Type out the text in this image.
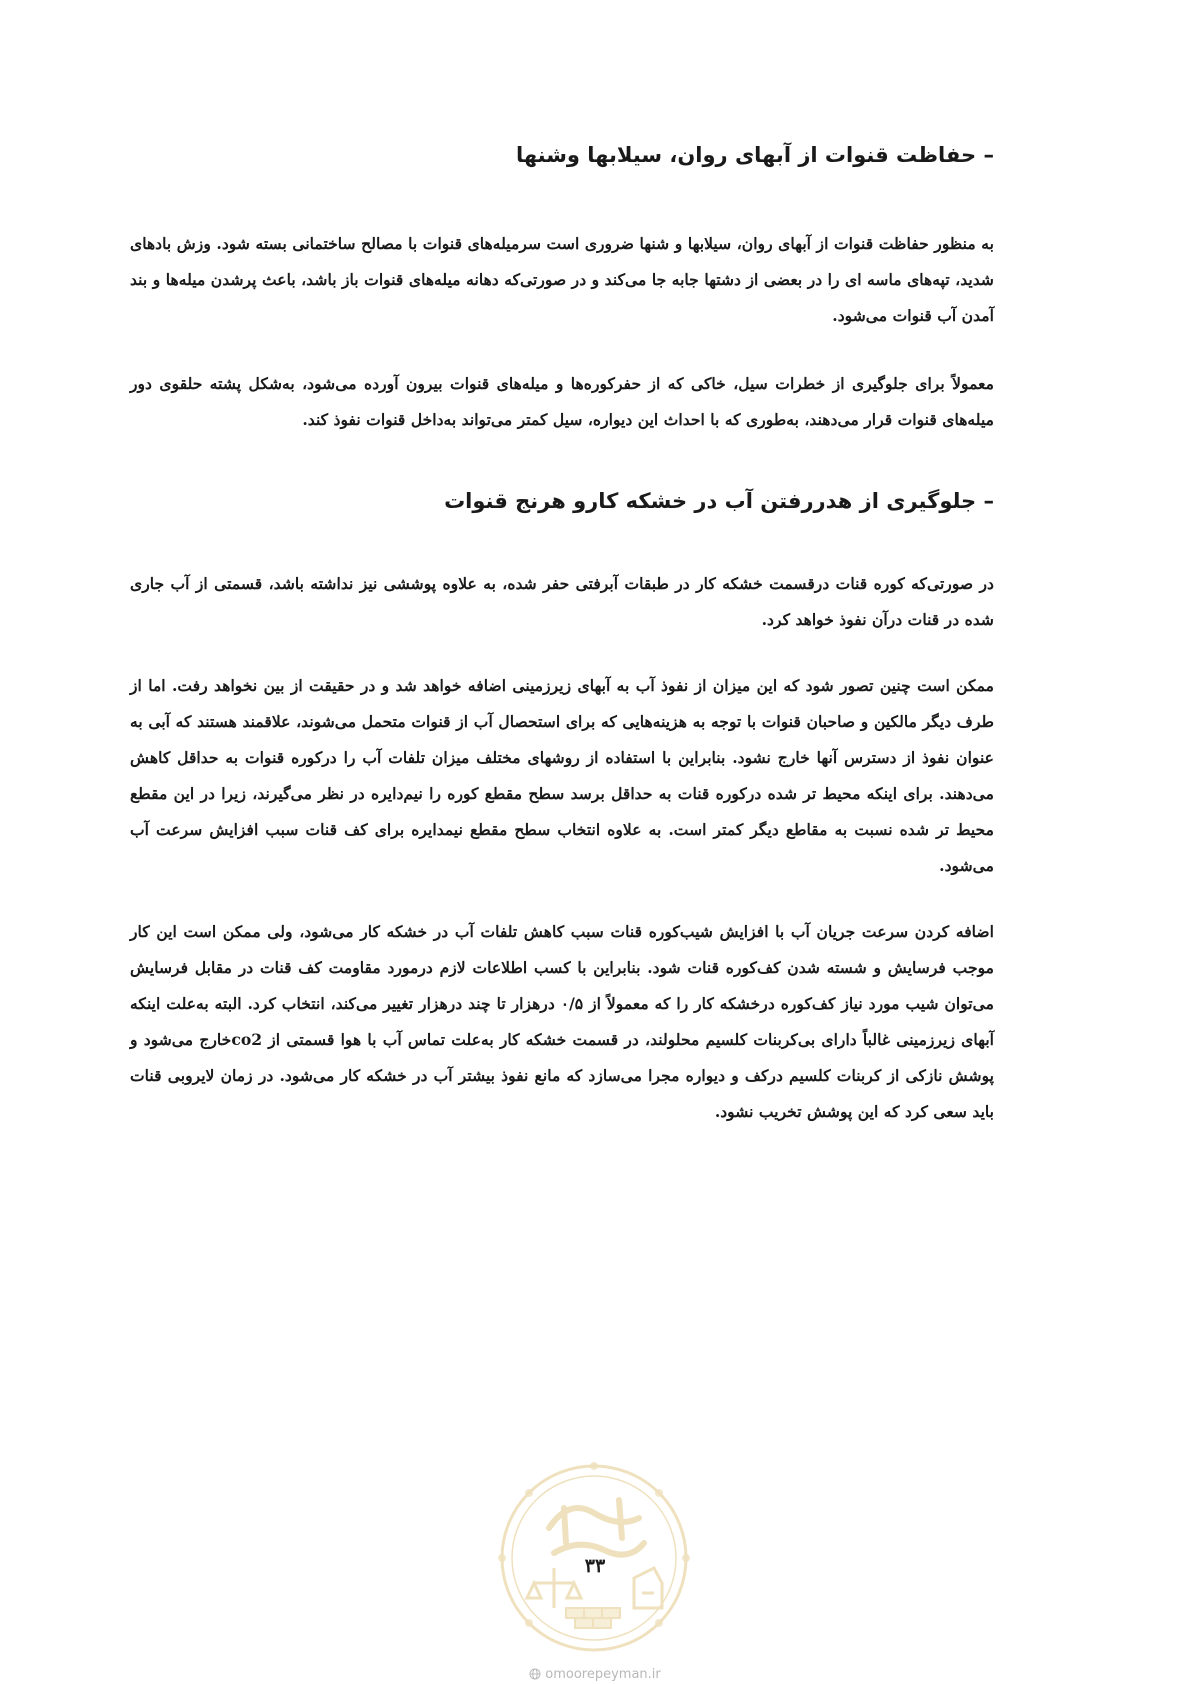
– حفاظت قنوات از آبهای روان، سیلابها وشنها

به منظور حفاظت قنوات از آبهای روان، سیلابها و شنها ضروری است سرمیله‌های قنوات با مصالح ساختمانی بسته شود. وزش بادهای شدید، تپه‌های ماسه ای را در بعضی از دشتها جابه جا می‌کند و در صورتی‌که دهانه میله‌های قنوات باز باشد، باعث پرشدن میله‌ها و بند آمدن آب قنوات می‌شود.

معمولاً برای جلوگیری از خطرات سیل، خاکی که از حفرکوره‌ها و میله‌های قنوات بیرون آورده می‌شود، به‌شکل پشته حلقوی دور میله‌های قنوات قرار می‌دهند، به‌طوری که با احداث این دیواره، سیل کمتر می‌تواند به‌داخل قنوات نفوذ کند.

– جلوگیری از هدررفتن آب در خشکه کارو هرنج قنوات

در صورتی‌که کوره قنات درقسمت خشکه کار در طبقات آبرفتی حفر شده، به علاوه پوششی نیز نداشته باشد، قسمتی از آب جاری شده در قنات درآن نفوذ خواهد کرد.

ممکن است چنین تصور شود که این میزان از نفوذ آب به آبهای زیرزمینی اضافه خواهد شد و در حقیقت از بین نخواهد رفت. اما از طرف دیگر مالکین و صاحبان قنوات با توجه به هزینه‌هایی که برای استحصال آب از قنوات متحمل می‌شوند، علاقمند هستند که آبی به عنوان نفوذ از دسترس آنها خارج نشود. بنابراین با استفاده از روشهای مختلف میزان تلفات آب را درکوره قنوات به حداقل کاهش می‌دهند. برای اینکه محیط تر شده درکوره قنات به حداقل برسد سطح مقطع کوره را نیم‌دایره در نظر می‌گیرند، زیرا در این مقطع محیط تر شده نسبت به مقاطع دیگر کمتر است. به علاوه انتخاب سطح مقطع نیمدایره برای کف قنات سبب افزایش سرعت آب می‌شود.

اضافه کردن سرعت جریان آب با افزایش شیب‌کوره قنات سبب کاهش تلفات آب در خشکه کار می‌شود، ولی ممکن است این کار موجب فرسایش و شسته شدن کف‌کوره قنات شود. بنابراین با کسب اطلاعات لازم درمورد مقاومت کف قنات در مقابل فرسایش می‌توان شیب مورد نیاز کف‌کوره درخشکه کار را که معمولاً از ۰/۵ درهزار تا چند درهزار تغییر می‌کند، انتخاب کرد. البته به‌علت اینکه آبهای زیرزمینی غالباً دارای بی‌کربنات کلسیم محلولند، در قسمت خشکه کار به‌علت تماس آب با هوا قسمتی از co2خارج می‌شود و پوشش نازکی از کربنات کلسیم درکف و دیواره مجرا می‌سازد که مانع نفوذ بیشتر آب در خشکه کار می‌شود. در زمان لایروبی قنات باید سعی کرد که این پوشش تخریب نشود.

۳۳
omoorepeyman.ir
